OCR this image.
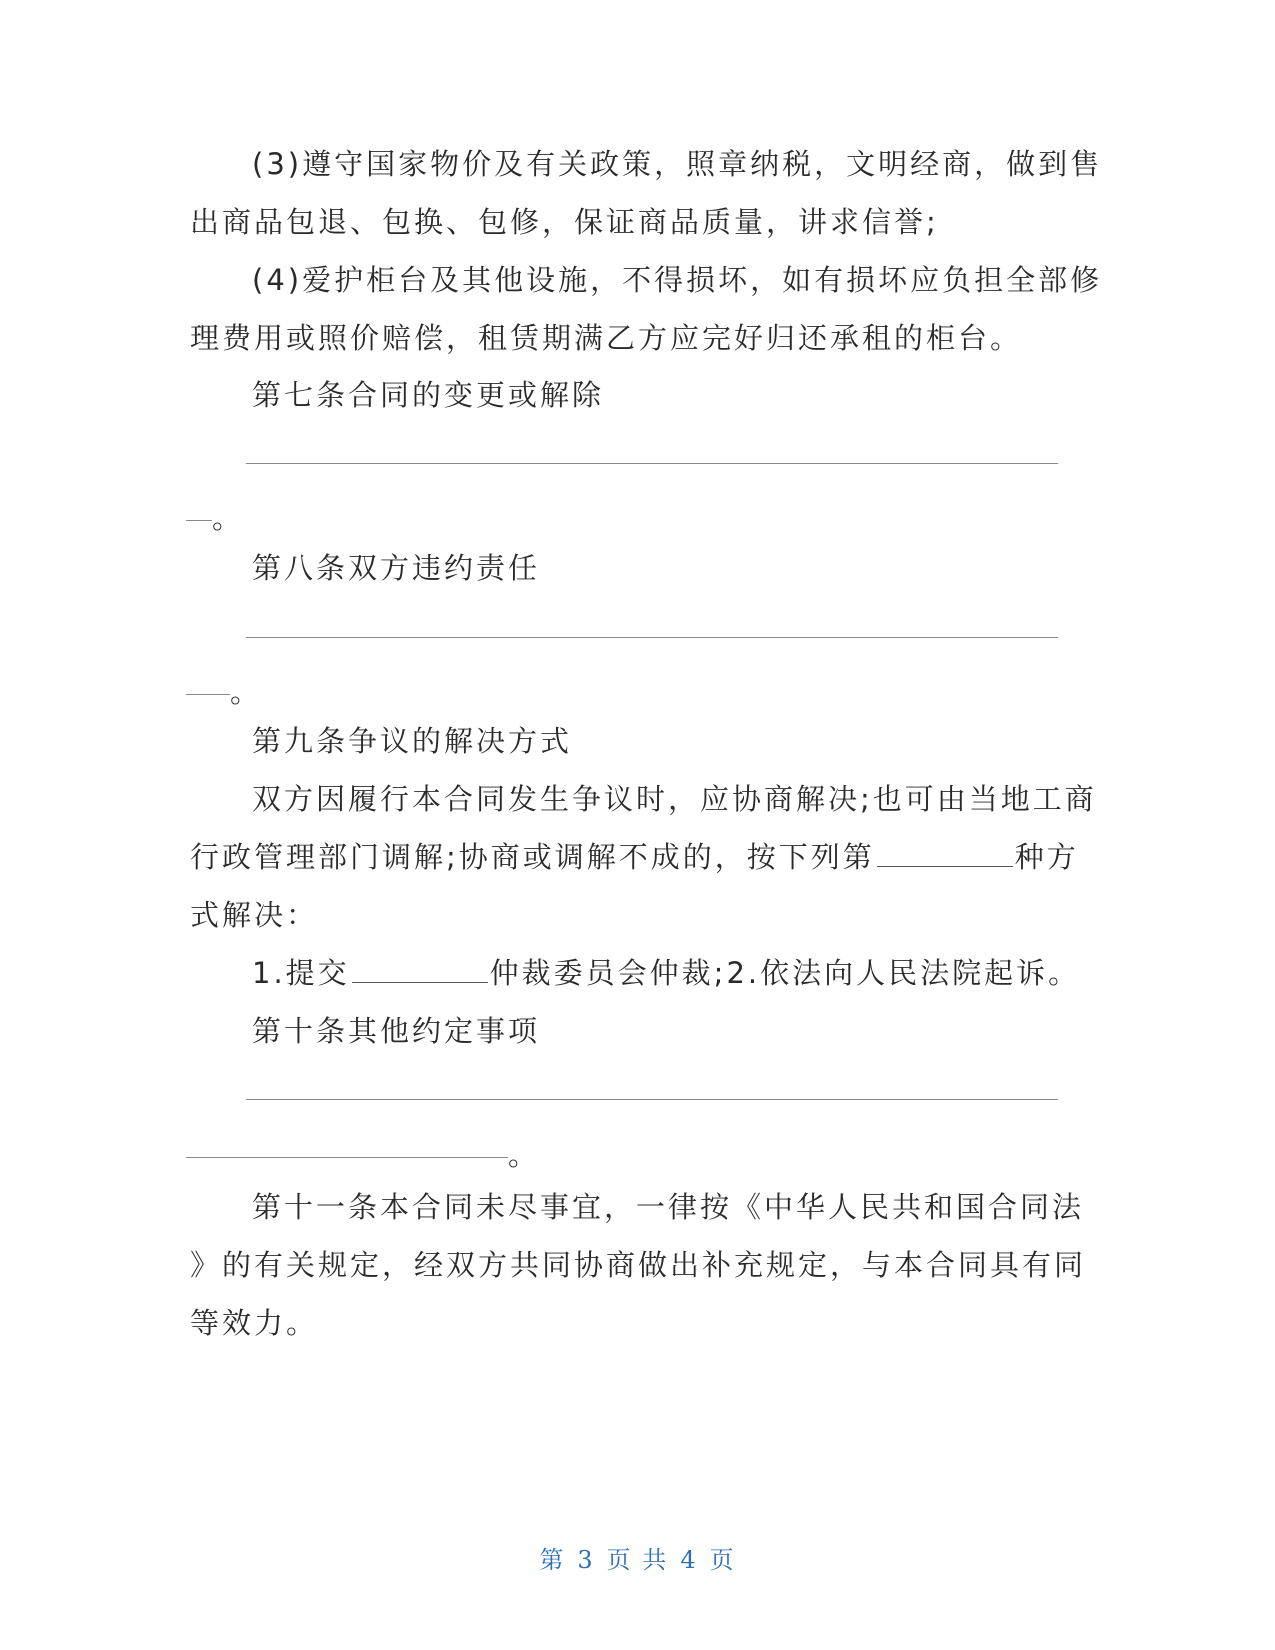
(3)遵守国家物价及有关政策，照章纳税，文明经商，做到售
出商品包退、包换、包修，保证商品质量，讲求信誉;
(4)爱护柜台及其他设施，不得损坏，如有损坏应负担全部修
理费用或照价赔偿，租赁期满乙方应完好归还承租的柜台。
第七条合同的变更或解除
。
第八条双方违约责任
。
第九条争议的解决方式
双方因履行本合同发生争议时，应协商解决;也可由当地工商
行政管理部门调解;协商或调解不成的，按下列第	种方
式解决：
1.提交	仲裁委员会仲裁;2.依法向人民法院起诉。
第十条其他约定事项
。
第十一条本合同未尽事宜，一律按《中华人民共和国合同法
》的有关规定，经双方共同协商做出补充规定，与本合同具有同
等效力。
第 3 页 共 4 页
